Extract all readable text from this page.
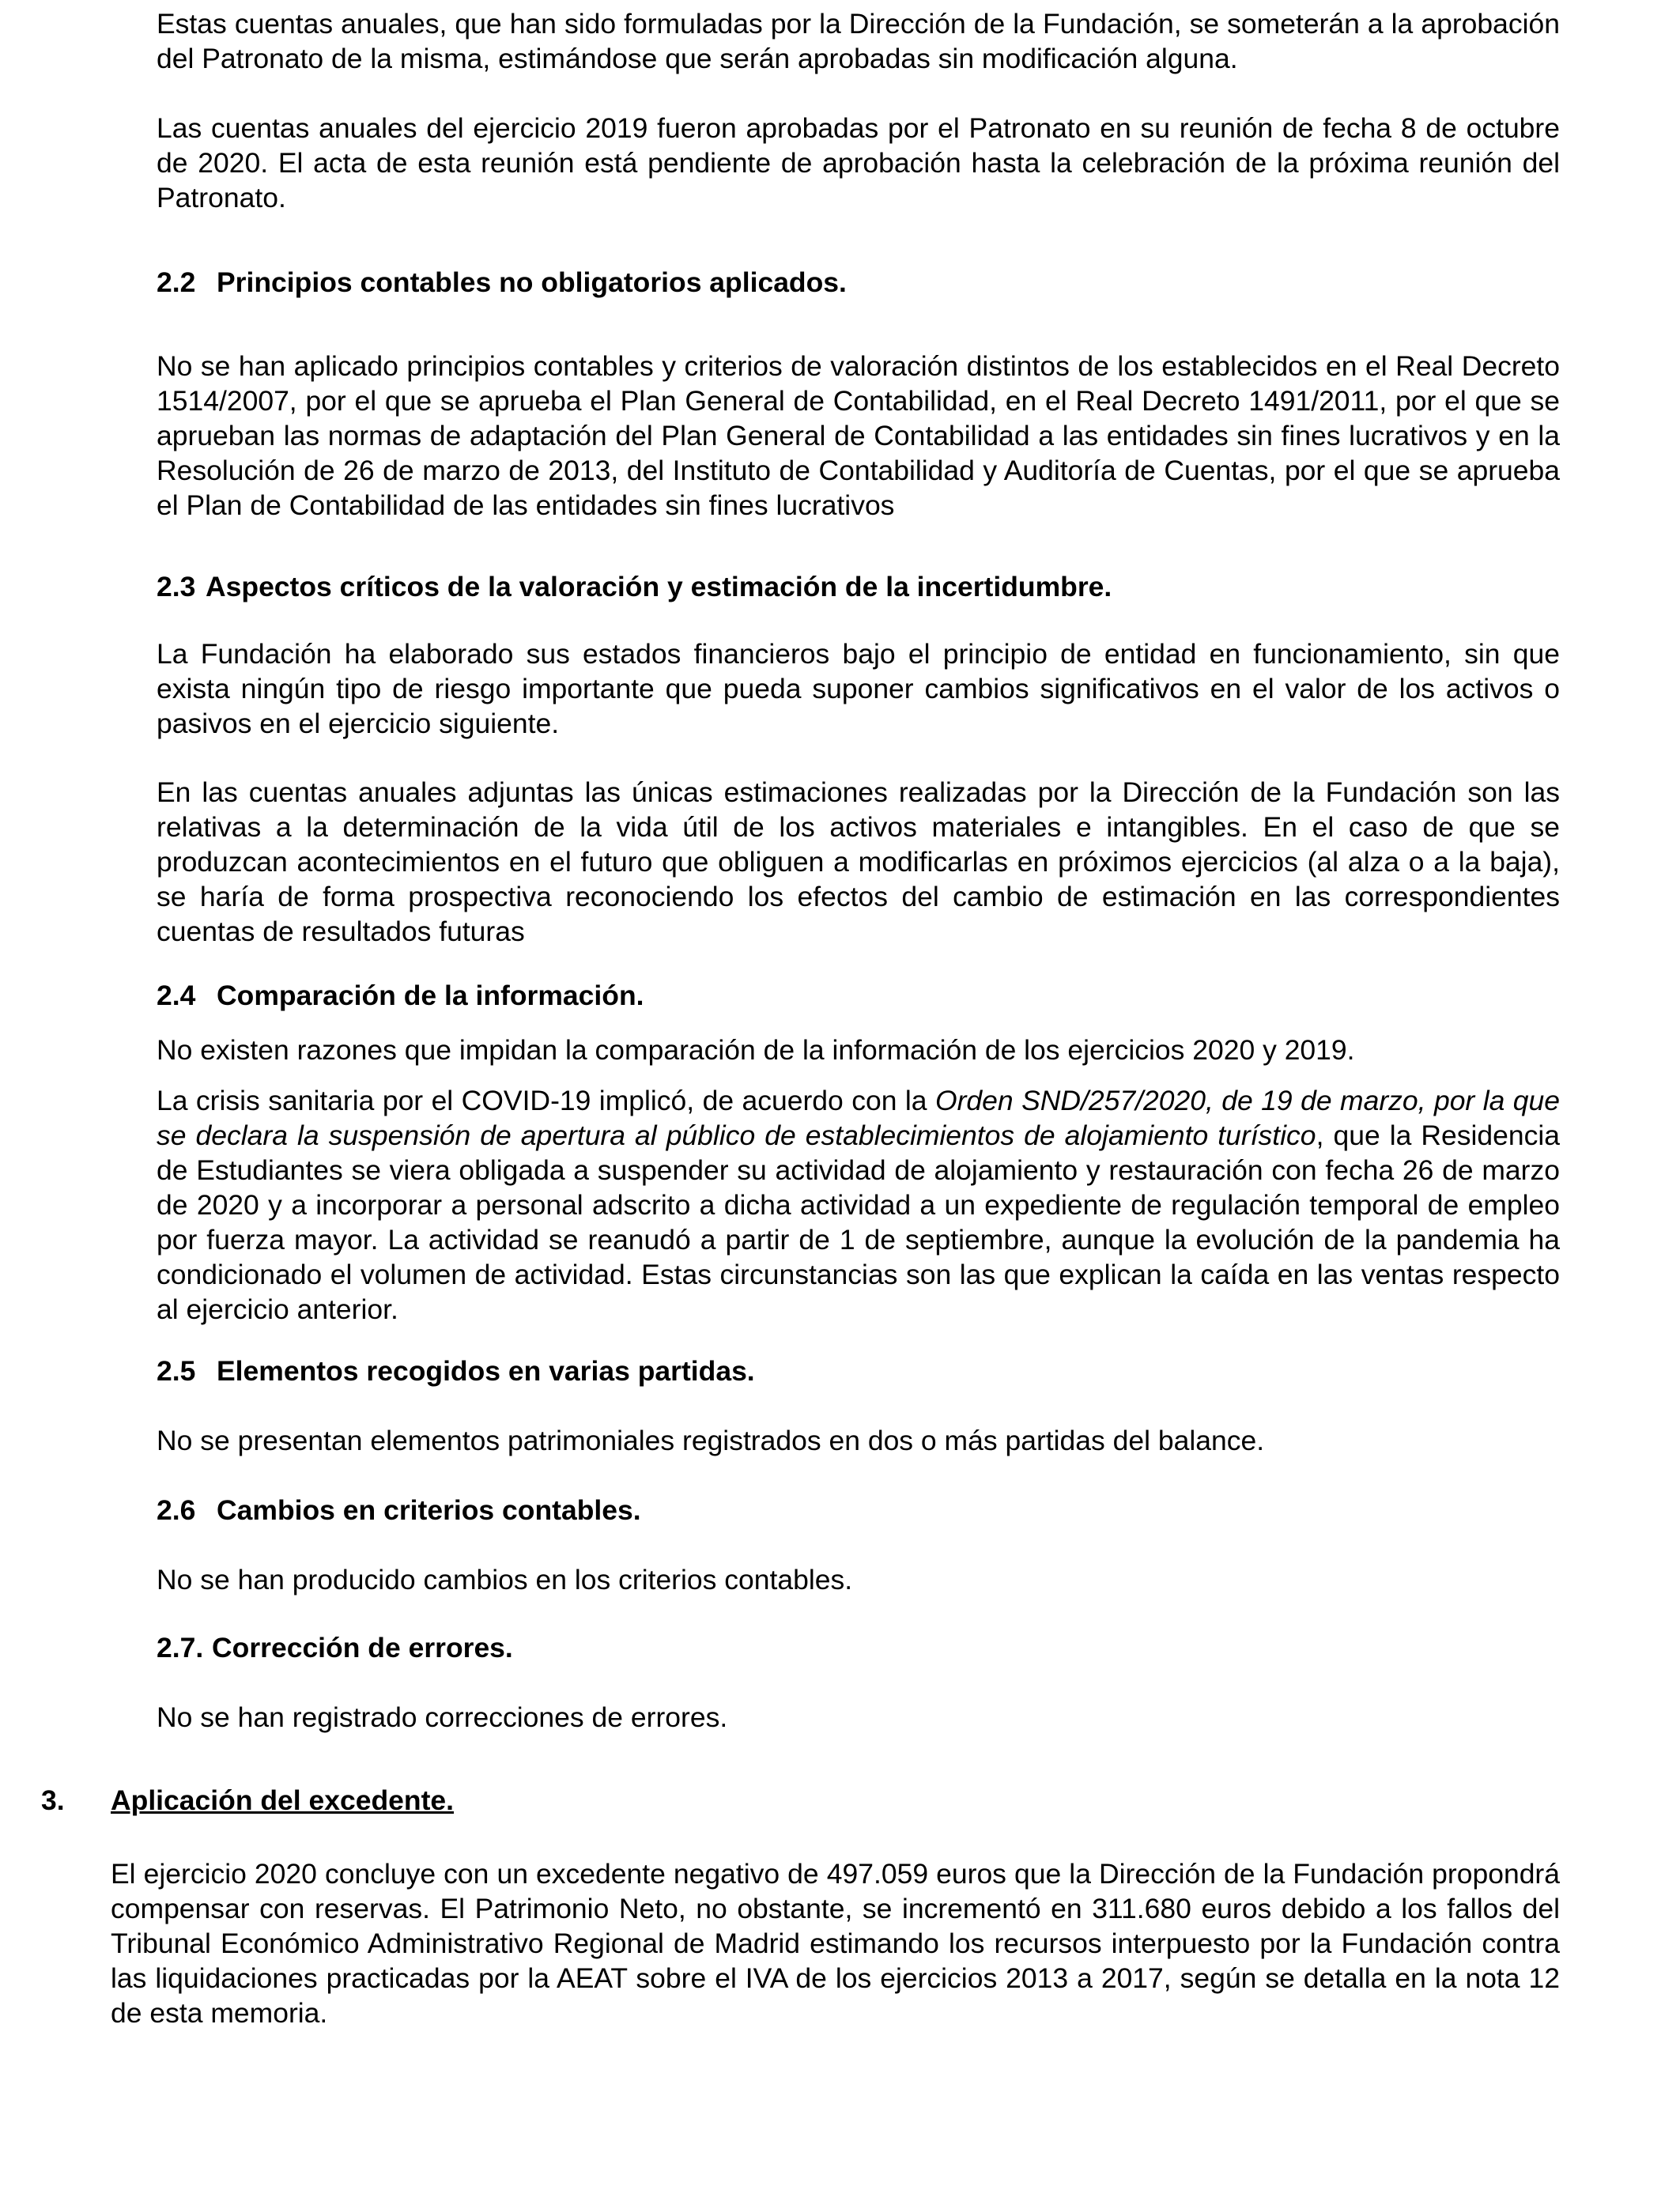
Estas cuentas anuales, que han sido formuladas por la Dirección de la Fundación, se someterán a la aprobación del Patronato de la misma, estimándose que serán aprobadas sin modificación alguna.

Las cuentas anuales del ejercicio 2019 fueron aprobadas por el Patronato en su reunión de fecha 8 de octubre de 2020. El acta de esta reunión está pendiente de aprobación hasta la celebración de la próxima reunión del Patronato.

2.2 Principios contables no obligatorios aplicados.

No se han aplicado principios contables y criterios de valoración distintos de los establecidos en el Real Decreto 1514/2007, por el que se aprueba el Plan General de Contabilidad, en el Real Decreto 1491/2011, por el que se aprueban las normas de adaptación del Plan General de Contabilidad a las entidades sin fines lucrativos y en la Resolución de 26 de marzo de 2013, del Instituto de Contabilidad y Auditoría de Cuentas, por el que se aprueba el Plan de Contabilidad de las entidades sin fines lucrativos

2.3 Aspectos críticos de la valoración y estimación de la incertidumbre.

La Fundación ha elaborado sus estados financieros bajo el principio de entidad en funcionamiento, sin que exista ningún tipo de riesgo importante que pueda suponer cambios significativos en el valor de los activos o pasivos en el ejercicio siguiente.

En las cuentas anuales adjuntas las únicas estimaciones realizadas por la Dirección de la Fundación son las relativas a la determinación de la vida útil de los activos materiales e intangibles. En el caso de que se produzcan acontecimientos en el futuro que obliguen a modificarlas en próximos ejercicios (al alza o a la baja), se haría de forma prospectiva reconociendo los efectos del cambio de estimación en las correspondientes cuentas de resultados futuras

2.4 Comparación de la información.

No existen razones que impidan la comparación de la información de los ejercicios 2020 y 2019.

La crisis sanitaria por el COVID-19 implicó, de acuerdo con la Orden SND/257/2020, de 19 de marzo, por la que se declara la suspensión de apertura al público de establecimientos de alojamiento turístico, que la Residencia de Estudiantes se viera obligada a suspender su actividad de alojamiento y restauración con fecha 26 de marzo de 2020 y a incorporar a personal adscrito a dicha actividad a un expediente de regulación temporal de empleo por fuerza mayor. La actividad se reanudó a partir de 1 de septiembre, aunque la evolución de la pandemia ha condicionado el volumen de actividad. Estas circunstancias son las que explican la caída en las ventas respecto al ejercicio anterior.

2.5 Elementos recogidos en varias partidas.

No se presentan elementos patrimoniales registrados en dos o más partidas del balance.

2.6 Cambios en criterios contables.

No se han producido cambios en los criterios contables.

2.7. Corrección de errores.

No se han registrado correcciones de errores.

3. Aplicación del excedente.

El ejercicio 2020 concluye con un excedente negativo de 497.059 euros que la Dirección de la Fundación propondrá compensar con reservas. El Patrimonio Neto, no obstante, se incrementó en 311.680 euros debido a los fallos del Tribunal Económico Administrativo Regional de Madrid estimando los recursos interpuesto por la Fundación contra las liquidaciones practicadas por la AEAT sobre el IVA de los ejercicios 2013 a 2017, según se detalla en la nota 12 de esta memoria.
